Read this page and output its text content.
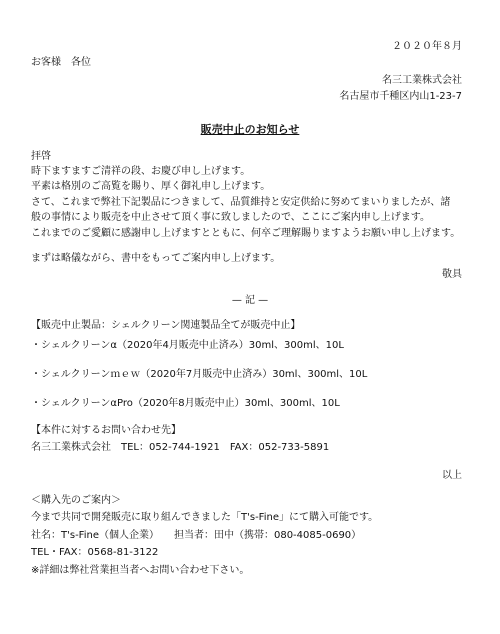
２０２０年８月
お客様　各位
名三工業株式会社
名古屋市千種区内山1-23-7
販売中止のお知らせ
拝啓
時下ますますご清祥の段、お慶び申し上げます。
平素は格別のご高覧を賜り、厚く御礼申し上げます。
さて、これまで弊社下記製品につきまして、品質維持と安定供給に努めてまいりましたが、諸
般の事情により販売を中止させて頂く事に致しましたので、ここにご案内申し上げます。
これまでのご愛顧に感謝申し上げますとともに、何卒ご理解賜りますようお願い申し上げます。
まずは略儀ながら、書中をもってご案内申し上げます。
敬具
— 記 —
【販売中止製品：シェルクリーン関連製品全てが販売中止】
・シェルクリーンα（2020年4月販売中止済み）30ml、300ml、10L
・シェルクリーンｍｅｗ（2020年7月販売中止済み）30ml、300ml、10L
・シェルクリーンαPro（2020年8月販売中止）30ml、300ml、10L
【本件に対するお問い合わせ先】
名三工業株式会社　TEL：052-744-1921　FAX：052-733-5891
以上
＜購入先のご案内＞
今まで共同で開発販売に取り組んできました「T's-Fine」にて購入可能です。
社名：T's-Fine（個人企業）　　担当者：田中（携帯：080-4085-0690）
TEL・FAX：0568-81-3122
※詳細は弊社営業担当者へお問い合わせ下さい。
